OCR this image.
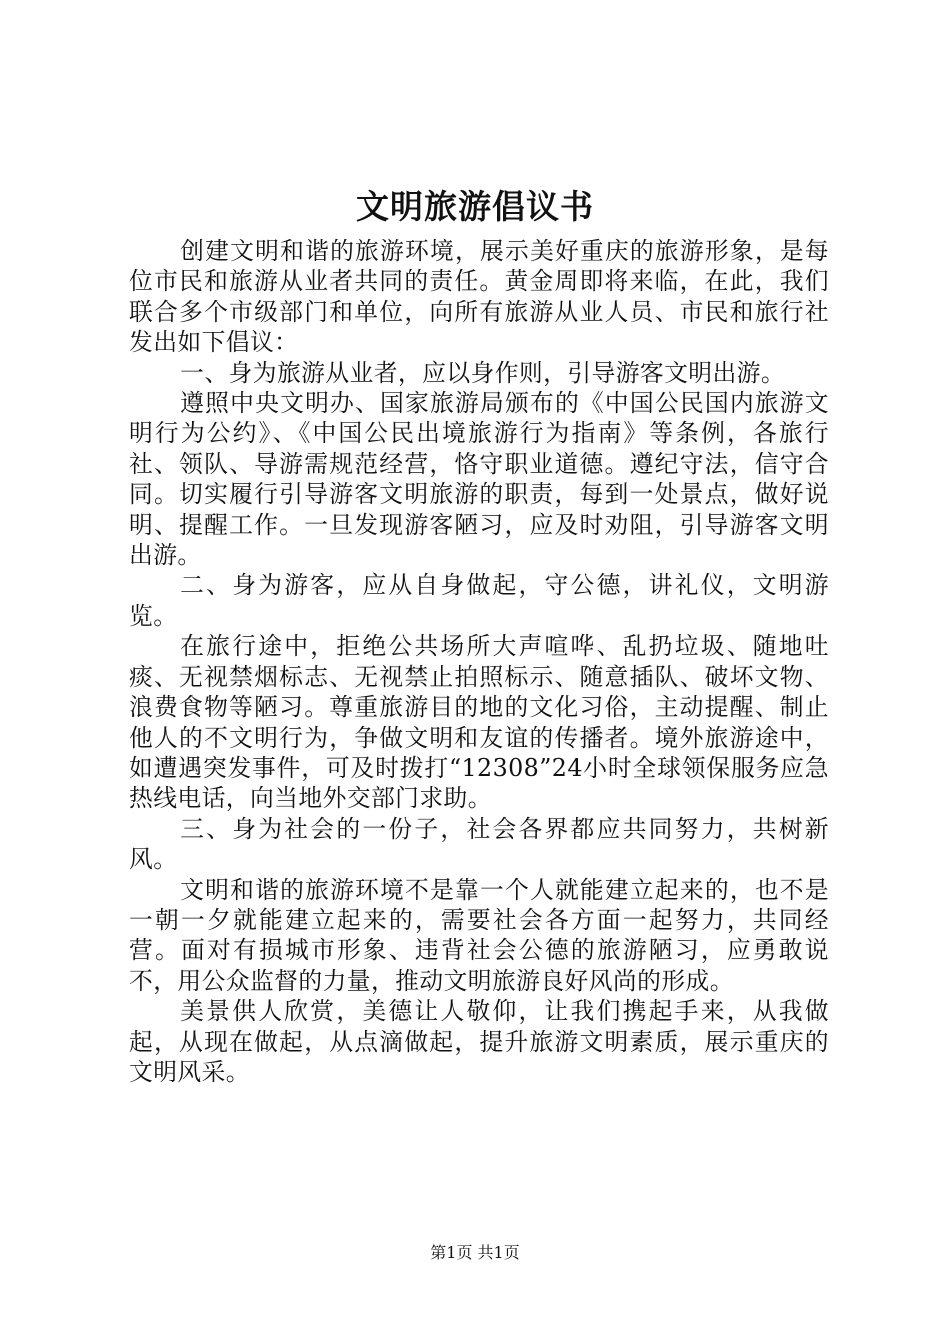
文明旅游倡议书

创建文明和谐的旅游环境，展示美好重庆的旅游形象，是每位市民和旅游从业者共同的责任。黄金周即将来临，在此，我们联合多个市级部门和单位，向所有旅游从业人员、市民和旅行社发出如下倡议：

一、身为旅游从业者，应以身作则，引导游客文明出游。

遵照中央文明办、国家旅游局颁布的《中国公民国内旅游文明行为公约》、《中国公民出境旅游行为指南》等条例，各旅行社、领队、导游需规范经营，恪守职业道德。遵纪守法，信守合同。切实履行引导游客文明旅游的职责，每到一处景点，做好说明、提醒工作。一旦发现游客陋习，应及时劝阻，引导游客文明出游。

二、身为游客，应从自身做起，守公德，讲礼仪，文明游览。

在旅行途中，拒绝公共场所大声喧哗、乱扔垃圾、随地吐痰、无视禁烟标志、无视禁止拍照标示、随意插队、破坏文物、浪费食物等陋习。尊重旅游目的地的文化习俗，主动提醒、制止他人的不文明行为，争做文明和友谊的传播者。境外旅游途中，如遭遇突发事件，可及时拨打“12308”24小时全球领保服务应急热线电话，向当地外交部门求助。

三、身为社会的一份子，社会各界都应共同努力，共树新风。

文明和谐的旅游环境不是靠一个人就能建立起来的，也不是一朝一夕就能建立起来的，需要社会各方面一起努力，共同经营。面对有损城市形象、违背社会公德的旅游陋习，应勇敢说不，用公众监督的力量，推动文明旅游良好风尚的形成。

美景供人欣赏，美德让人敬仰，让我们携起手来，从我做起，从现在做起，从点滴做起，提升旅游文明素质，展示重庆的文明风采。

第1页 共1页
